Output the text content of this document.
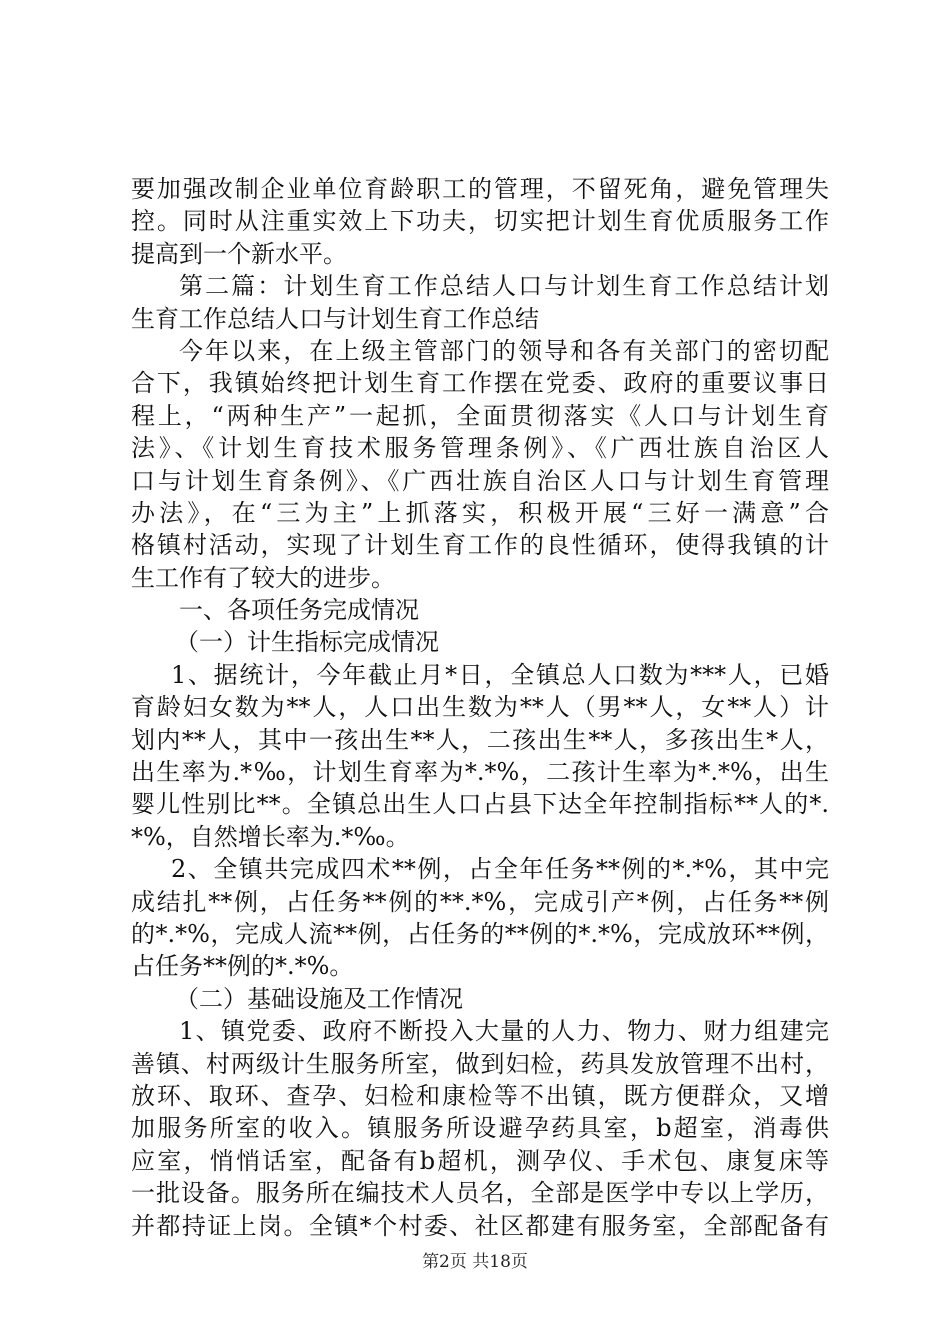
要加强改制企业单位育龄职工的管理，不留死角，避免管理失
控。同时从注重实效上下功夫，切实把计划生育优质服务工作
提高到一个新水平。
第二篇：计划生育工作总结人口与计划生育工作总结计划
生育工作总结人口与计划生育工作总结
今年以来，在上级主管部门的领导和各有关部门的密切配
合下，我镇始终把计划生育工作摆在党委、政府的重要议事日
程上，“两种生产”一起抓，全面贯彻落实《人口与计划生育
法》、《计划生育技术服务管理条例》、《广西壮族自治区人
口与计划生育条例》、《广西壮族自治区人口与计划生育管理
办法》，在“三为主”上抓落实，积极开展“三好一满意”合
格镇村活动，实现了计划生育工作的良性循环，使得我镇的计
生工作有了较大的进步。
一、各项任务完成情况
（一）计生指标完成情况
1、据统计，今年截止月*日，全镇总人口数为***人，已婚
育龄妇女数为**人，人口出生数为**人（男**人，女**人）计
划内**人，其中一孩出生**人，二孩出生**人，多孩出生*人，
出生率为.*‰，计划生育率为*.*%，二孩计生率为*.*%，出生
婴儿性别比**。全镇总出生人口占县下达全年控制指标**人的*.
*%，自然增长率为.*‰。
2、全镇共完成四术**例，占全年任务**例的*.*%，其中完
成结扎**例，占任务**例的**.*%，完成引产*例，占任务**例
的*.*%，完成人流**例，占任务的**例的*.*%，完成放环**例，
占任务**例的*.*%。
（二）基础设施及工作情况
1、镇党委、政府不断投入大量的人力、物力、财力组建完
善镇、村两级计生服务所室，做到妇检，药具发放管理不出村，
放环、取环、查孕、妇检和康检等不出镇，既方便群众，又增
加服务所室的收入。镇服务所设避孕药具室，b超室，消毒供
应室，悄悄话室，配备有b超机，测孕仪、手术包、康复床等
一批设备。服务所在编技术人员名，全部是医学中专以上学历，
并都持证上岗。全镇*个村委、社区都建有服务室，全部配备有
第2页 共18页
